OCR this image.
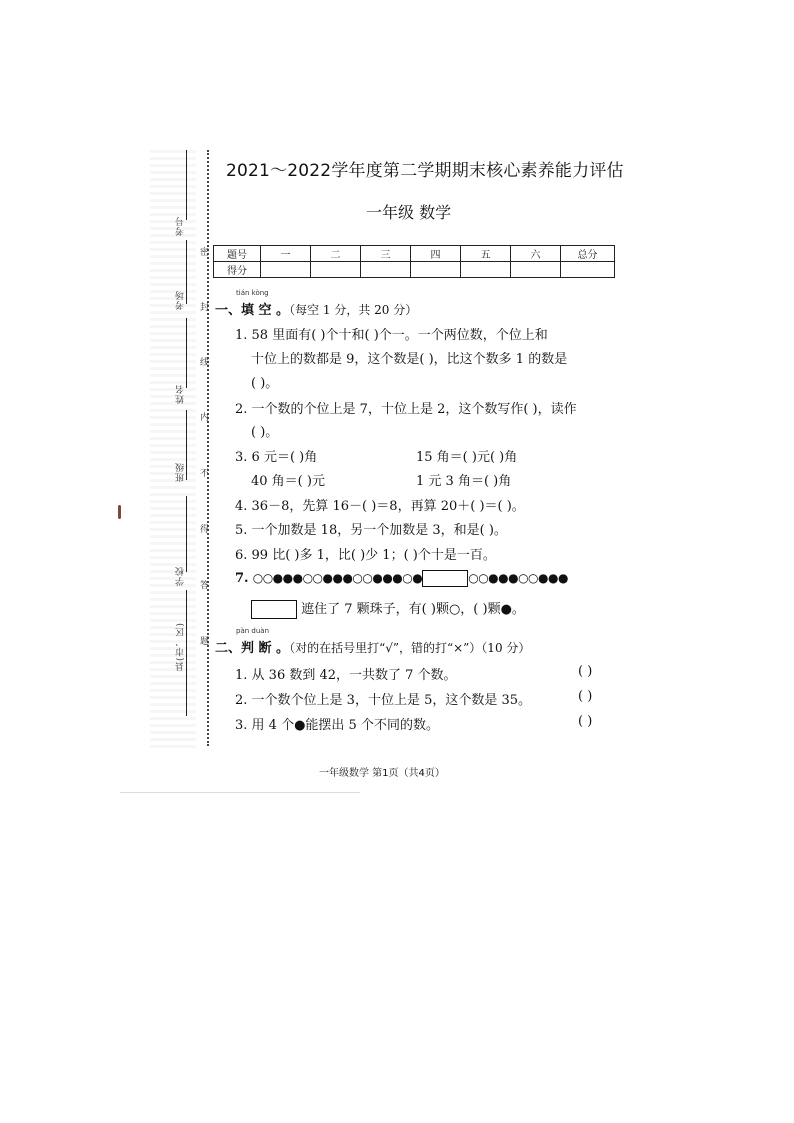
考号
考场
姓名
班级
学校
县(市、区)
密
封
线
内
不
得
答
题
2021～2022学年度第二学期期末核心素养能力评估
一年级 数学
题号	一	二	三	四	五	六	总分
得分							
tián kòng
一、填 空 。（每空 1 分，共 20 分）
1. 58 里面有( )个十和( )个一。一个两位数，个位上和
十位上的数都是 9，这个数是( )，比这个数多 1 的数是
( )。
2. 一个数的个位上是 7，十位上是 2，这个数写作( )，读作
( )。
3. 6 元＝( )角	15 角＝( )元( )角
40 角＝( )元	1 元 3 角＝( )角
4. 36－8，先算 16－( )＝8，再算 20＋( )＝( )。
5. 一个加数是 18，另一个加数是 3，和是( )。
6. 99 比( )多 1，比( )少 1；( )个十是一百。
7. ○○●●●○○●●●○○●●●○●	○○●●●○○●●●
遮住了 7 颗珠子，有( )颗○，( )颗●。
pàn duàn
二、判 断 。（对的在括号里打“√”，错的打“×”）（10 分）
1. 从 36 数到 42，一共数了 7 个数。	( )
2. 一个数个位上是 3，十位上是 5，这个数是 35。	( )
3. 用 4 个●能摆出 5 个不同的数。	( )
一年级数学 第1页（共4页）
